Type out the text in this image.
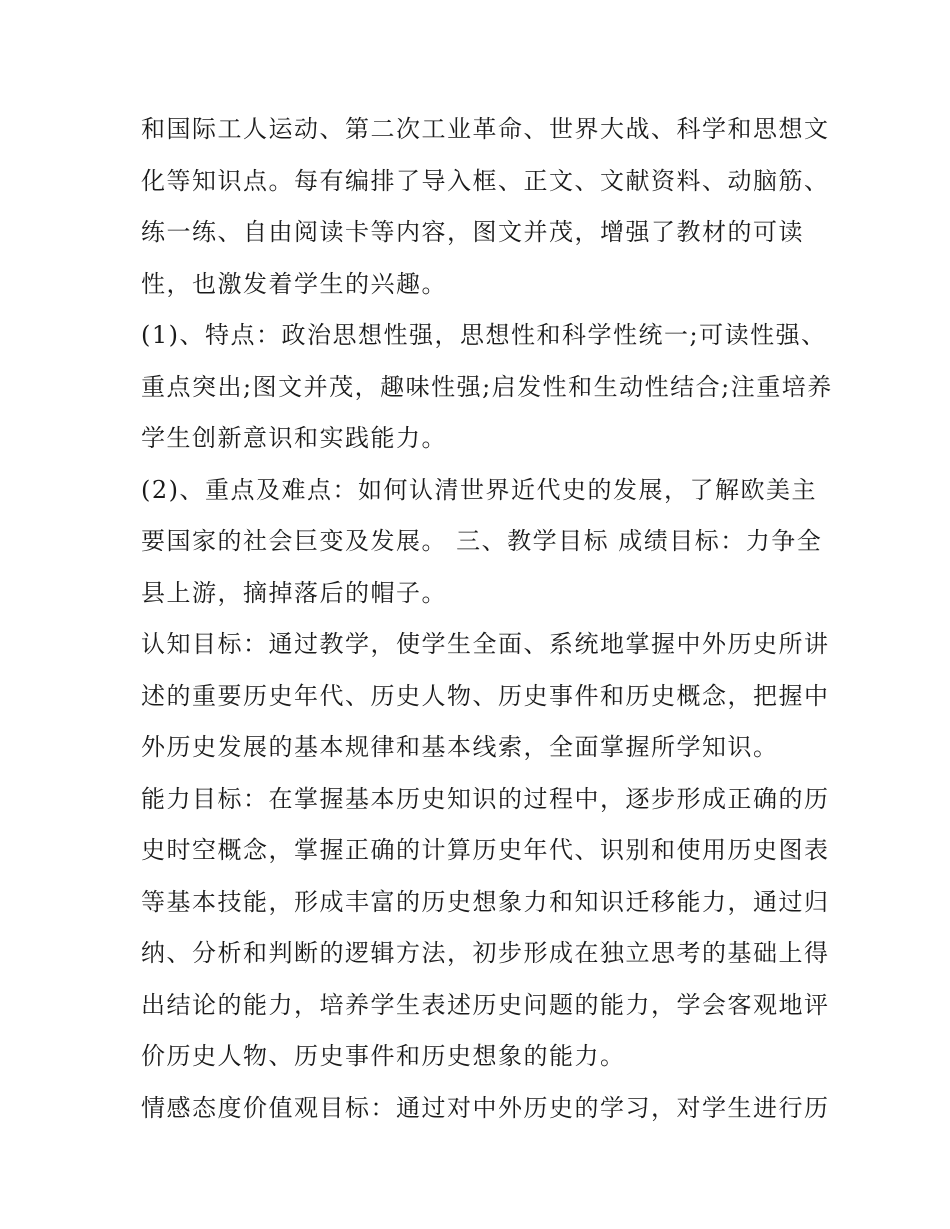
和国际工人运动、第二次工业革命、世界大战、科学和思想文
化等知识点。每有编排了导入框、正文、文献资料、动脑筋、
练一练、自由阅读卡等内容，图文并茂，增强了教材的可读
性，也激发着学生的兴趣。
(1)、特点：政治思想性强，思想性和科学性统一;可读性强、
重点突出;图文并茂，趣味性强;启发性和生动性结合;注重培养
学生创新意识和实践能力。
(2)、重点及难点：如何认清世界近代史的发展，了解欧美主
要国家的社会巨变及发展。 三、教学目标 成绩目标：力争全
县上游，摘掉落后的帽子。
认知目标：通过教学，使学生全面、系统地掌握中外历史所讲
述的重要历史年代、历史人物、历史事件和历史概念，把握中
外历史发展的基本规律和基本线索，全面掌握所学知识。
能力目标：在掌握基本历史知识的过程中，逐步形成正确的历
史时空概念，掌握正确的计算历史年代、识别和使用历史图表
等基本技能，形成丰富的历史想象力和知识迁移能力，通过归
纳、分析和判断的逻辑方法，初步形成在独立思考的基础上得
出结论的能力，培养学生表述历史问题的能力，学会客观地评
价历史人物、历史事件和历史想象的能力。
情感态度价值观目标：通过对中外历史的学习，对学生进行历
